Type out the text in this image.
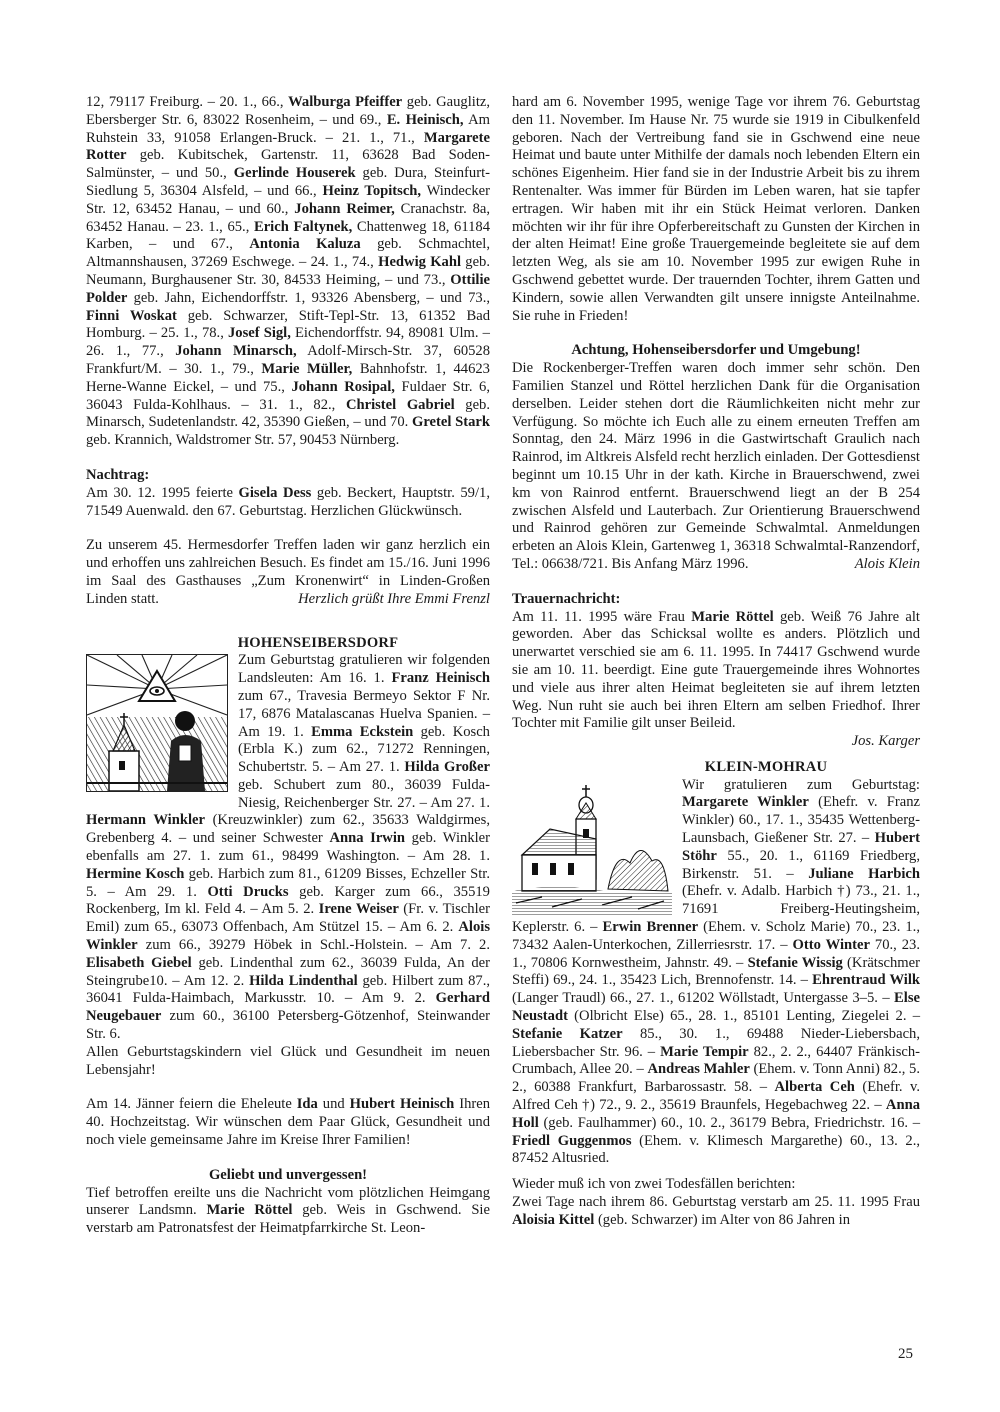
12, 79117 Freiburg. – 20. 1., 66., Walburga Pfeiffer geb. Gauglitz, Ebersberger Str. 6, 83022 Rosenheim, – und 69., E. Heinisch, Am Ruhstein 33, 91058 Erlangen-Bruck. – 21. 1., 71., Margarete Rotter geb. Kubitschek, Gartenstr. 11, 63628 Bad Soden-Salmünster, – und 50., Gerlinde Houserek geb. Dura, Steinfurt-Siedlung 5, 36304 Alsfeld, – und 66., Heinz Topitsch, Windecker Str. 12, 63452 Hanau, – und 60., Johann Reimer, Cranachstr. 8a, 63452 Hanau. – 23. 1., 65., Erich Faltynek, Chattenweg 18, 61184 Karben, – und 67., Antonia Kaluza geb. Schmachtel, Altmannshausen, 37269 Eschwege. – 24. 1., 74., Hedwig Kahl geb. Neumann, Burghausener Str. 30, 84533 Heiming, – und 73., Ottilie Polder geb. Jahn, Eichendorffstr. 1, 93326 Abensberg, – und 73., Finni Woskat geb. Schwarzer, Stift-Tepl-Str. 13, 61352 Bad Homburg. – 25. 1., 78., Josef Sigl, Eichendorffstr. 94, 89081 Ulm. – 26. 1., 77., Johann Minarsch, Adolf-Mirsch-Str. 37, 60528 Frankfurt/M. – 30. 1., 79., Marie Müller, Bahnhofstr. 1, 44623 Herne-Wanne Eickel, – und 75., Johann Rosipal, Fuldaer Str. 6, 36043 Fulda-Kohlhaus. – 31. 1., 82., Christel Gabriel geb. Minarsch, Sudetenlandstr. 42, 35390 Gießen, – und 70. Gretel Stark geb. Krannich, Waldstromer Str. 57, 90453 Nürnberg.

Nachtrag:

Am 30. 12. 1995 feierte Gisela Dess geb. Beckert, Hauptstr. 59/1, 71549 Auenwald. den 67. Geburtstag. Herzlichen Glückwünsch.

Zu unserem 45. Hermesdorfer Treffen laden wir ganz herzlich ein und erhoffen uns zahlreichen Besuch. Es findet am 15./16. Juni 1996 im Saal des Gasthauses „Zum Kronenwirt“ in Linden-Großen Linden statt.	Herzlich grüßt Ihre Emmi Frenzl

HOHENSEIBERSDORF

Zum Geburtstag gratulieren wir folgenden Landsleuten: Am 16. 1. Franz Heinisch zum 67., Travesia Bermeyo Sektor F Nr. 17, 6876 Matalascanas Huelva Spanien. – Am 19. 1. Emma Eckstein geb. Kosch (Erbla K.) zum 62., 71272 Renningen, Schubertstr. 5. – Am 27. 1. Hilda Großer geb. Schubert zum 80., 36039 Fulda-Niesig, Reichenberger Str. 27. – Am 27. 1. Hermann Winkler (Kreuzwinkler) zum 62., 35633 Waldgirmes, Grebenberg 4. – und seiner Schwester Anna Irwin geb. Winkler ebenfalls am 27. 1. zum 61., 98499 Washington. – Am 28. 1. Hermine Kosch geb. Harbich zum 81., 61209 Bisses, Echzeller Str. 5. – Am 29. 1. Otti Drucks geb. Karger zum 66., 35519 Rockenberg, Im kl. Feld 4. – Am 5. 2. Irene Weiser (Fr. v. Tischler Emil) zum 65., 63073 Offenbach, Am Stützel 15. – Am 6. 2. Alois Winkler zum 66., 39279 Höbek in Schl.-Holstein. – Am 7. 2. Elisabeth Giebel geb. Lindenthal zum 62., 36039 Fulda, An der Steingrube10. – Am 12. 2. Hilda Lindenthal geb. Hilbert zum 87., 36041 Fulda-Haimbach, Markusstr. 10. – Am 9. 2. Gerhard Neugebauer zum 60., 36100 Petersberg-Götzenhof, Steinwander Str. 6.

Allen Geburtstagskindern viel Glück und Gesundheit im neuen Lebensjahr!

Am 14. Jänner feiern die Eheleute Ida und Hubert Heinisch Ihren 40. Hochzeitstag. Wir wünschen dem Paar Glück, Gesundheit und noch viele gemeinsame Jahre im Kreise Ihrer Familien!

Geliebt und unvergessen!

Tief betroffen ereilte uns die Nachricht vom plötzlichen Heimgang unserer Landsmn. Marie Röttel geb. Weis in Gschwend. Sie verstarb am Patronatsfest der Heimatpfarrkirche St. Leon-

hard am 6. November 1995, wenige Tage vor ihrem 76. Geburtstag den 11. November. Im Hause Nr. 75 wurde sie 1919 in Cibulkenfeld geboren. Nach der Vertreibung fand sie in Gschwend eine neue Heimat und baute unter Mithilfe der damals noch lebenden Eltern ein schönes Eigenheim. Hier fand sie in der Industrie Arbeit bis zu ihrem Rentenalter. Was immer für Bürden im Leben waren, hat sie tapfer ertragen. Wir haben mit ihr ein Stück Heimat verloren. Danken möchten wir ihr für ihre Opferbereitschaft zu Gunsten der Kirchen in der alten Heimat! Eine große Trauergemeinde begleitete sie auf dem letzten Weg, als sie am 10. November 1995 zur ewigen Ruhe in Gschwend gebettet wurde. Der trauernden Tochter, ihrem Gatten und Kindern, sowie allen Verwandten gilt unsere innigste Anteilnahme. Sie ruhe in Frieden!

Achtung, Hohenseibersdorfer und Umgebung!

Die Rockenberger-Treffen waren doch immer sehr schön. Den Familien Stanzel und Röttel herzlichen Dank für die Organisation derselben. Leider stehen dort die Räumlichkeiten nicht mehr zur Verfügung. So möchte ich Euch alle zu einem erneuten Treffen am Sonntag, den 24. März 1996 in die Gastwirtschaft Graulich nach Rainrod, im Altkreis Alsfeld recht herzlich einladen. Der Gottesdienst beginnt um 10.15 Uhr in der kath. Kirche in Brauerschwend, zwei km von Rainrod entfernt. Brauerschwend liegt an der B 254 zwischen Alsfeld und Lauterbach. Zur Orientierung Brauerschwend und Rainrod gehören zur Gemeinde Schwalmtal. Anmeldungen erbeten an Alois Klein, Gartenweg 1, 36318 Schwalmtal-Ranzendorf, Tel.: 06638/721. Bis Anfang März 1996.	Alois Klein

Trauernachricht:

Am 11. 11. 1995 wäre Frau Marie Röttel geb. Weiß 76 Jahre alt geworden. Aber das Schicksal wollte es anders. Plötzlich und unerwartet verschied sie am 6. 11. 1995. In 74417 Gschwend wurde sie am 10. 11. beerdigt. Eine gute Trauergemeinde ihres Wohnortes und viele aus ihrer alten Heimat begleiteten sie auf ihrem letzten Weg. Nun ruht sie auch bei ihren Eltern am selben Friedhof. Ihrer Tochter mit Familie gilt unser Beileid.

Jos. Karger

KLEIN-MOHRAU

Wir gratulieren zum Geburtstag: Margarete Winkler (Ehefr. v. Franz Winkler) 60., 17. 1., 35435 Wettenberg-Launsbach, Gießener Str. 27. – Hubert Stöhr 55., 20. 1., 61169 Friedberg, Birkenstr. 51. – Juliane Harbich (Ehefr. v. Adalb. Harbich †) 73., 21. 1., 71691 Freiberg-Heutingsheim, Keplerstr. 6. – Erwin Brenner (Ehem. v. Scholz Marie) 70., 23. 1., 73432 Aalen-Unterkochen, Zillerriesrstr. 17. – Otto Winter 70., 23. 1., 70806 Kornwestheim, Jahnstr. 49. – Stefanie Wissig (Krätschmer Steffi) 69., 24. 1., 35423 Lich, Brennofenstr. 14. – Ehrentraud Wilk (Langer Traudl) 66., 27. 1., 61202 Wöllstadt, Untergasse 3–5. – Else Neustadt (Olbricht Else) 65., 28. 1., 85101 Lenting, Ziegelei 2. – Stefanie Katzer 85., 30. 1., 69488 Nieder-Liebersbach, Liebersbacher Str. 96. – Marie Tempir 82., 2. 2., 64407 Fränkisch-Crumbach, Allee 20. – Andreas Mahler (Ehem. v. Tonn Anni) 82., 5. 2., 60388 Frankfurt, Barbarossastr. 58. – Alberta Ceh (Ehefr. v. Alfred Ceh †) 72., 9. 2., 35619 Braunfels, Hegebachweg 22. – Anna Holl (geb. Faulhammer) 60., 10. 2., 36179 Bebra, Friedrichstr. 16. – Friedl Guggenmos (Ehem. v. Klimesch Margarethe) 60., 13. 2., 87452 Altusried.

Wieder muß ich von zwei Todesfällen berichten:

Zwei Tage nach ihrem 86. Geburtstag verstarb am 25. 11. 1995 Frau Aloisia Kittel (geb. Schwarzer) im Alter von 86 Jahren in

25
